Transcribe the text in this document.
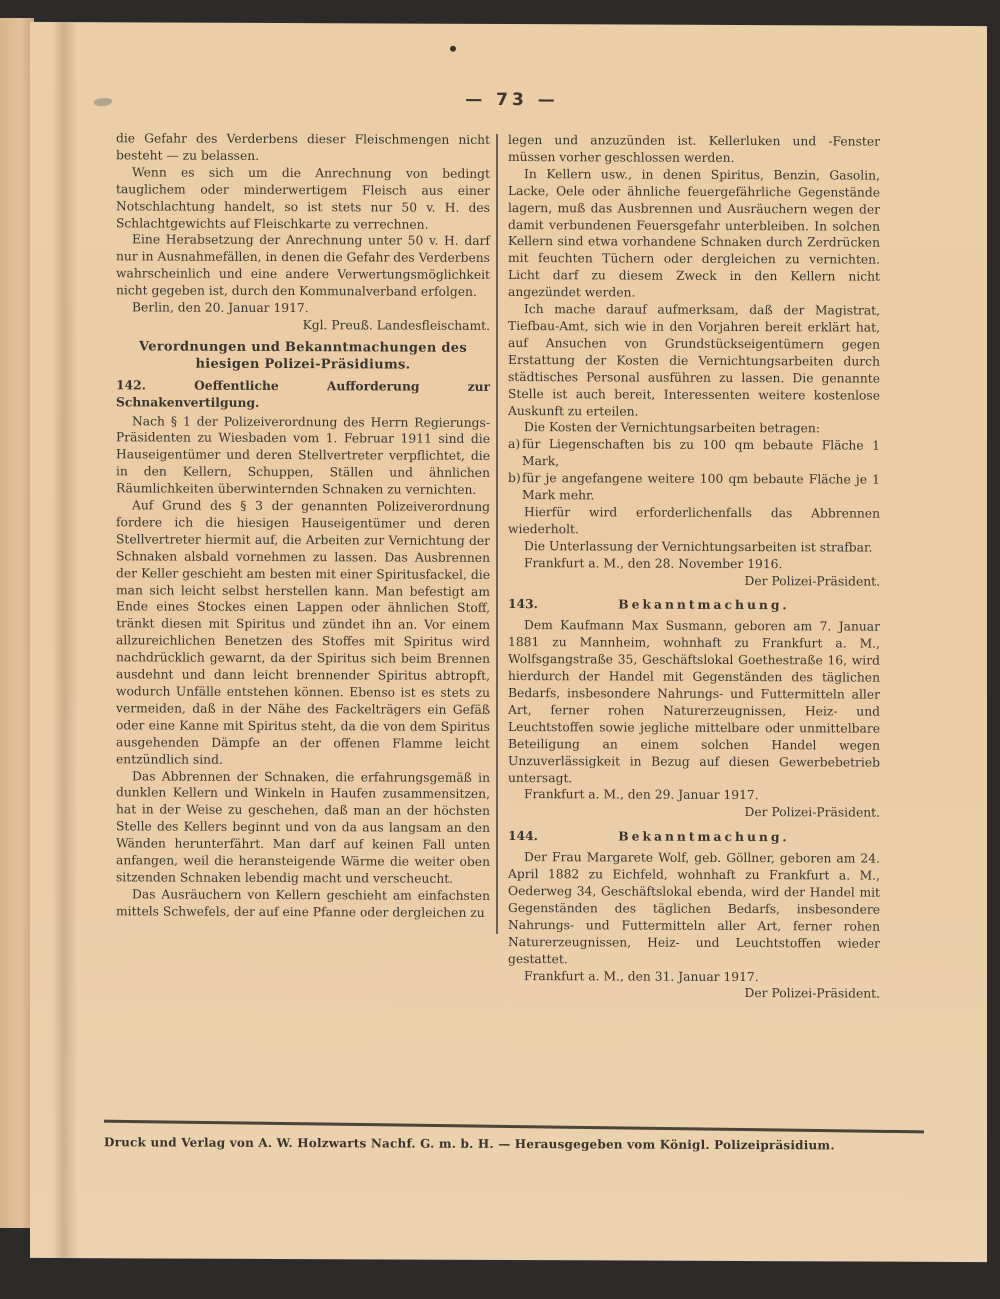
— 73 —

die Gefahr des Verderbens dieser Fleischmengen nicht besteht — zu belassen.

Wenn es sich um die Anrechnung von bedingt tauglichem oder minderwertigem Fleisch aus einer Notschlachtung handelt, so ist stets nur 50 v. H. des Schlachtgewichts auf Fleischkarte zu verrechnen.

Eine Herabsetzung der Anrechnung unter 50 v. H. darf nur in Ausnahmefällen, in denen die Gefahr des Verderbens wahrscheinlich und eine andere Verwertungsmöglichkeit nicht gegeben ist, durch den Kommunalverband erfolgen.

Berlin, den 20. Januar 1917.

Kgl. Preuß. Landesfleischamt.

Verordnungen und Bekanntmachungen des hiesigen Polizei-Präsidiums.

142. Oeffentliche Aufforderung zur Schnakenvertilgung.

Nach § 1 der Polizeiverordnung des Herrn Regierungs-Präsidenten zu Wiesbaden vom 1. Februar 1911 sind die Hauseigentümer und deren Stellvertreter verpflichtet, die in den Kellern, Schuppen, Ställen und ähnlichen Räumlichkeiten überwinternden Schnaken zu vernichten.

Auf Grund des § 3 der genannten Polizeiverordnung fordere ich die hiesigen Hauseigentümer und deren Stellvertreter hiermit auf, die Arbeiten zur Vernichtung der Schnaken alsbald vornehmen zu lassen. Das Ausbrennen der Keller geschieht am besten mit einer Spiritusfackel, die man sich leicht selbst herstellen kann. Man befestigt am Ende eines Stockes einen Lappen oder ähnlichen Stoff, tränkt diesen mit Spiritus und zündet ihn an. Vor einem allzureichlichen Benetzen des Stoffes mit Spiritus wird nachdrücklich gewarnt, da der Spiritus sich beim Brennen ausdehnt und dann leicht brennender Spiritus abtropft, wodurch Unfälle entstehen können. Ebenso ist es stets zu vermeiden, daß in der Nähe des Fackelträgers ein Gefäß oder eine Kanne mit Spiritus steht, da die von dem Spiritus ausgehenden Dämpfe an der offenen Flamme leicht entzündlich sind.

Das Abbrennen der Schnaken, die erfahrungsgemäß in dunklen Kellern und Winkeln in Haufen zusammensitzen, hat in der Weise zu geschehen, daß man an der höchsten Stelle des Kellers beginnt und von da aus langsam an den Wänden herunterfährt. Man darf auf keinen Fall unten anfangen, weil die heransteigende Wärme die weiter oben sitzenden Schnaken lebendig macht und verscheucht.

Das Ausräuchern von Kellern geschieht am einfachsten mittels Schwefels, der auf eine Pfanne oder dergleichen zu

legen und anzuzünden ist. Kellerluken und -Fenster müssen vorher geschlossen werden.

In Kellern usw., in denen Spiritus, Benzin, Gasolin, Lacke, Oele oder ähnliche feuergefährliche Gegenstände lagern, muß das Ausbrennen und Ausräuchern wegen der damit verbundenen Feuersgefahr unterbleiben. In solchen Kellern sind etwa vorhandene Schnaken durch Zerdrücken mit feuchten Tüchern oder dergleichen zu vernichten. Licht darf zu diesem Zweck in den Kellern nicht angezündet werden.

Ich mache darauf aufmerksam, daß der Magistrat, Tiefbau-Amt, sich wie in den Vorjahren bereit erklärt hat, auf Ansuchen von Grundstückseigentümern gegen Erstattung der Kosten die Vernichtungsarbeiten durch städtisches Personal ausführen zu lassen. Die genannte Stelle ist auch bereit, Interessenten weitere kostenlose Auskunft zu erteilen.

Die Kosten der Vernichtungsarbeiten betragen:

a) für Liegenschaften bis zu 100 qm bebaute Fläche 1 Mark,

b) für je angefangene weitere 100 qm bebaute Fläche je 1 Mark mehr.

Hierfür wird erforderlichenfalls das Abbrennen wiederholt.

Die Unterlassung der Vernichtungsarbeiten ist strafbar.

Frankfurt a. M., den 28. November 1916.

Der Polizei-Präsident.

143.	Bekanntmachung.

Dem Kaufmann Max Susmann, geboren am 7. Januar 1881 zu Mannheim, wohnhaft zu Frankfurt a. M., Wolfsgangstraße 35, Geschäftslokal Goethestraße 16, wird hierdurch der Handel mit Gegenständen des täglichen Bedarfs, insbesondere Nahrungs- und Futtermitteln aller Art, ferner rohen Naturerzeugnissen, Heiz- und Leuchtstoffen sowie jegliche mittelbare oder unmittelbare Beteiligung an einem solchen Handel wegen Unzuverlässigkeit in Bezug auf diesen Gewerbebetrieb untersagt.

Frankfurt a. M., den 29. Januar 1917.

Der Polizei-Präsident.

144.	Bekanntmachung.

Der Frau Margarete Wolf, geb. Göllner, geboren am 24. April 1882 zu Eichfeld, wohnhaft zu Frankfurt a. M., Oederweg 34, Geschäftslokal ebenda, wird der Handel mit Gegenständen des täglichen Bedarfs, insbesondere Nahrungs- und Futtermitteln aller Art, ferner rohen Naturerzeugnissen, Heiz- und Leuchtstoffen wieder gestattet.

Frankfurt a. M., den 31. Januar 1917.

Der Polizei-Präsident.

Druck und Verlag von A. W. Holzwarts Nachf. G. m. b. H. — Herausgegeben vom Königl. Polizeipräsidium.
